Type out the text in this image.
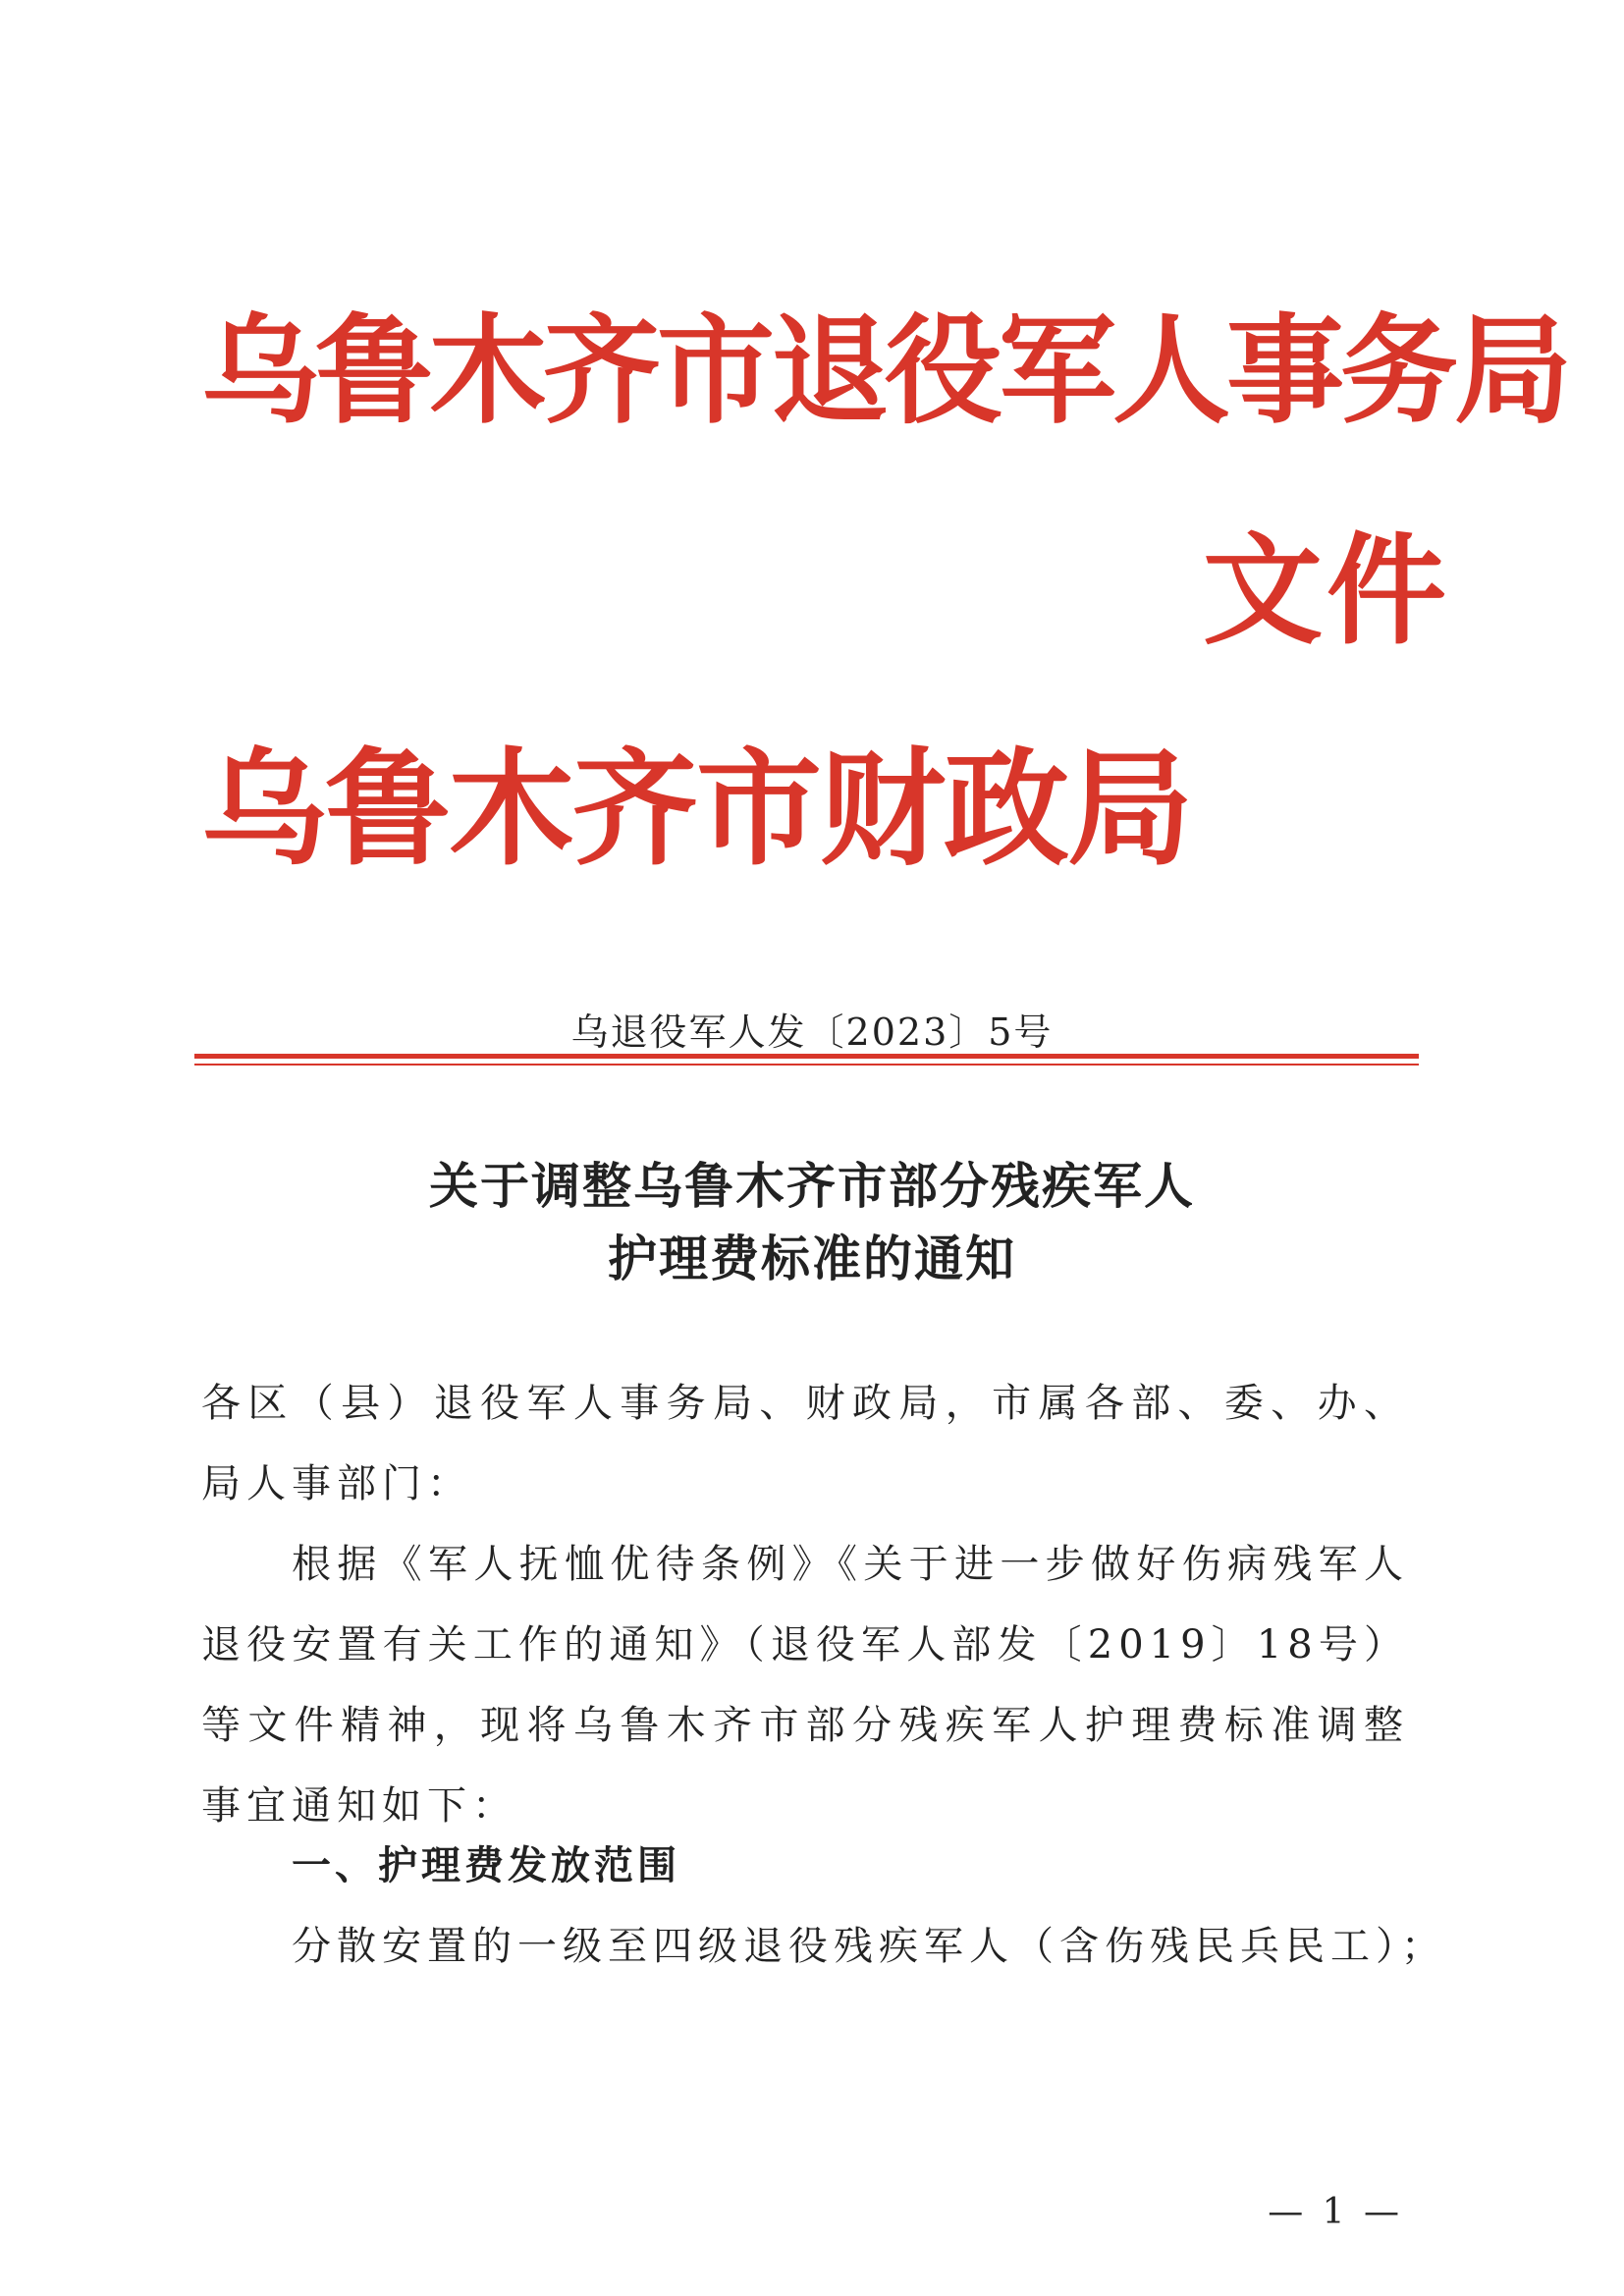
乌鲁木齐市退役军人事务局
文件
乌鲁木齐市财政局
乌退役军人发〔2023〕5号
关于调整乌鲁木齐市部分残疾军人
护理费标准的通知
各区（县）退役军人事务局、财政局，市属各部、委、办、局人事部门：
根据《军人抚恤优待条例》《关于进一步做好伤病残军人退役安置有关工作的通知》（退役军人部发〔2019〕18号）等文件精神，现将乌鲁木齐市部分残疾军人护理费标准调整事宜通知如下：
一、护理费发放范围
分散安置的一级至四级退役残疾军人（含伤残民兵民工）；
— 1 —
